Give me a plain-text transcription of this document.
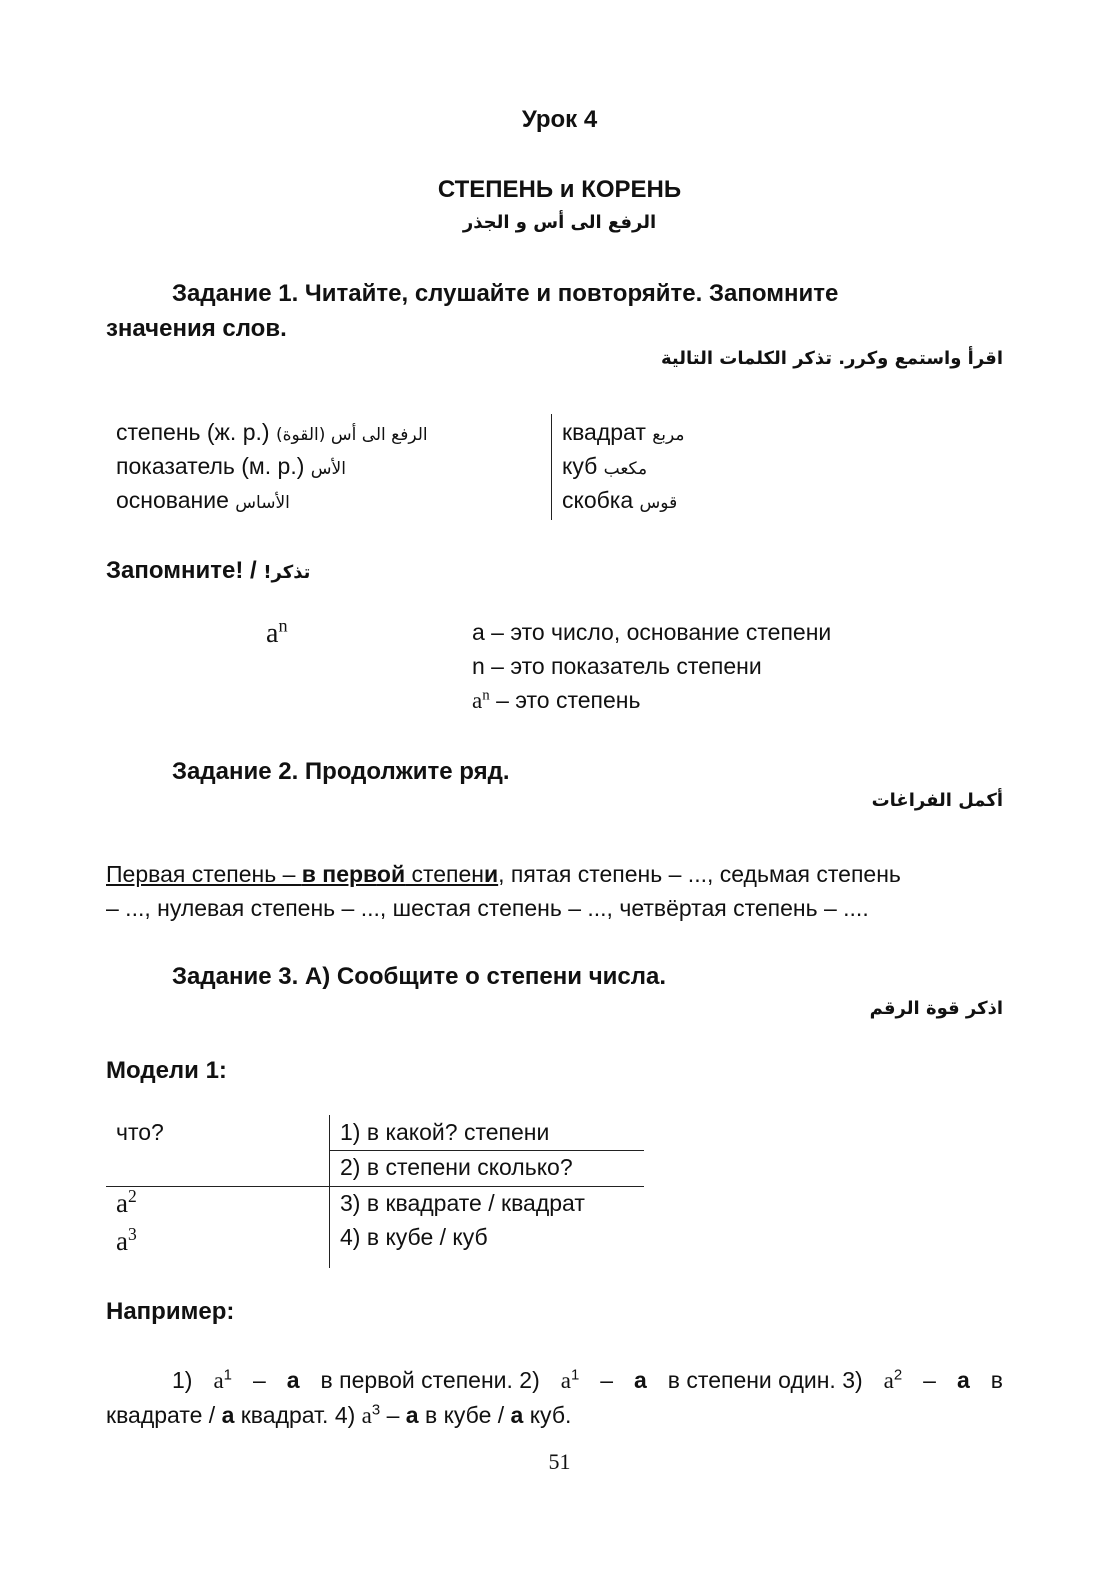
Урок 4
СТЕПЕНЬ и КОРЕНЬ
الرفع الى أس و الجذر
Задание 1. Читайте, слушайте и повторяйте. Запомните
значения слов.
اقرأ واستمع وكرر. تذكر الكلمات التالية
степень (ж. р.) الرفع الى أس (القوة)
показатель (м. р.) الأس
основание الأساس
квадрат مربع
куб مكعب
скобка قوس
Запомните! / تذكر!
$a^n$	a – это число, основание степени
n – это показатель степени
$a^n$ – это степень
Задание 2. Продолжите ряд.
أكمل الفراغات
Первая степень – в первой степени, пятая степень – ..., седьмая степень
– ..., нулевая степень – ..., шестая степень – ..., четвёртая степень – ....
Задание 3. А) Сообщите о степени числа.
اذكر قوة الرقم
Модели 1:
что?
$a^2$
$a^3$
1) в какой? степени
2) в степени сколько?
3) в квадрате / квадрат
4) в кубе / куб
Например:
1) $a^1$ – a в первой степени. 2) $a^1$ – a в степени один. 3) $a^2$ – a в
квадрате / a квадрат. 4) $a^3$ – a в кубе / a куб.
51
